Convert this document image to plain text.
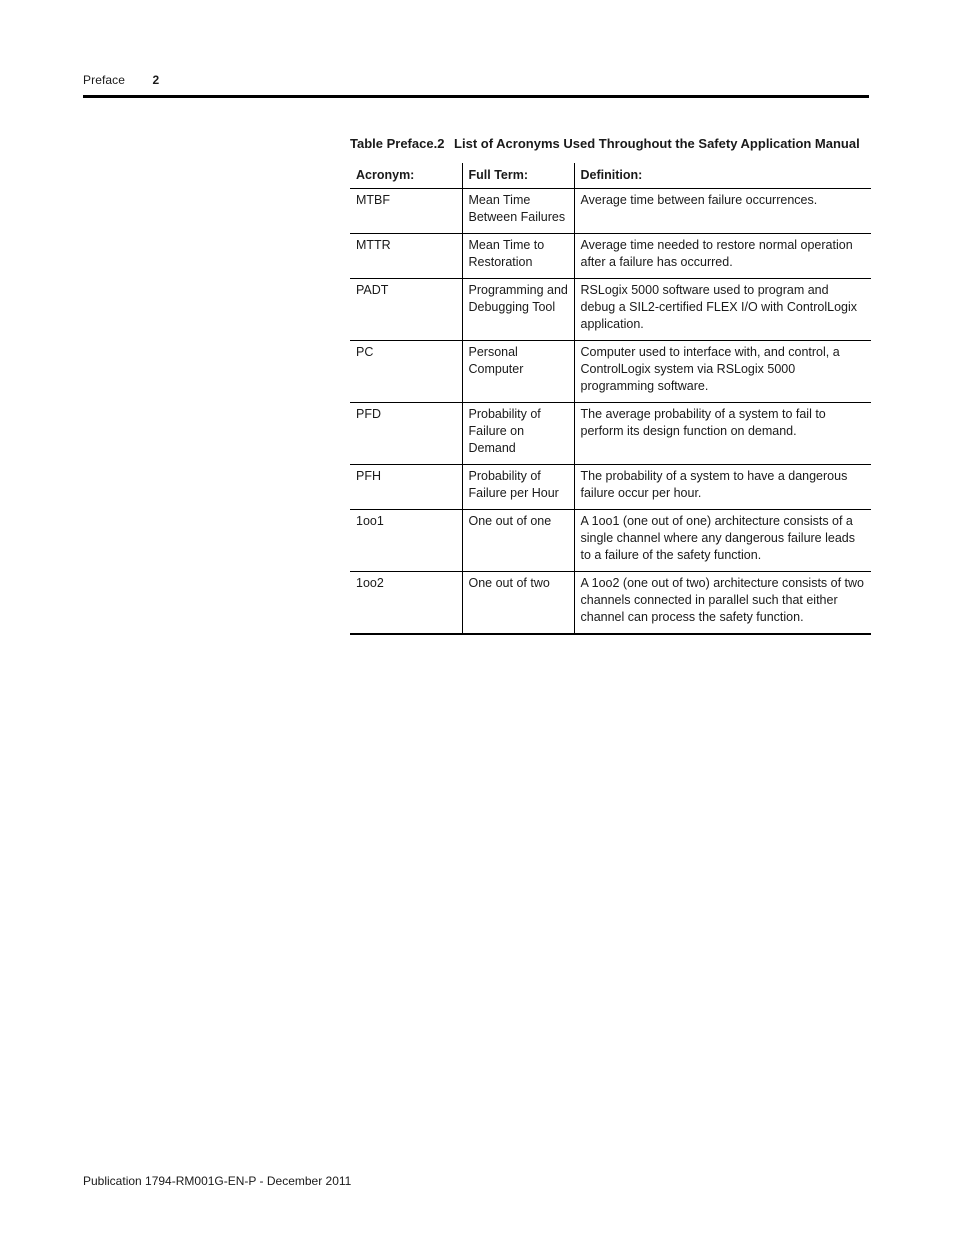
Preface 2
Table Preface.2 List of Acronyms Used Throughout the Safety Application Manual
Acronym:	Full Term:	Definition:
MTBF	Mean Time Between Failures	Average time between failure occurrences.
MTTR	Mean Time to Restoration	Average time needed to restore normal operation after a failure has occurred.
PADT	Programming and Debugging Tool	RSLogix 5000 software used to program and debug a SIL2-certified FLEX I/O with ControlLogix application.
PC	Personal Computer	Computer used to interface with, and control, a ControlLogix system via RSLogix 5000 programming software.
PFD	Probability of Failure on Demand	The average probability of a system to fail to perform its design function on demand.
PFH	Probability of Failure per Hour	The probability of a system to have a dangerous failure occur per hour.
1oo1	One out of one	A 1oo1 (one out of one) architecture consists of a single channel where any dangerous failure leads to a failure of the safety function.
1oo2	One out of two	A 1oo2 (one out of two) architecture consists of two channels connected in parallel such that either channel can process the safety function.
Publication 1794-RM001G-EN-P - December 2011
